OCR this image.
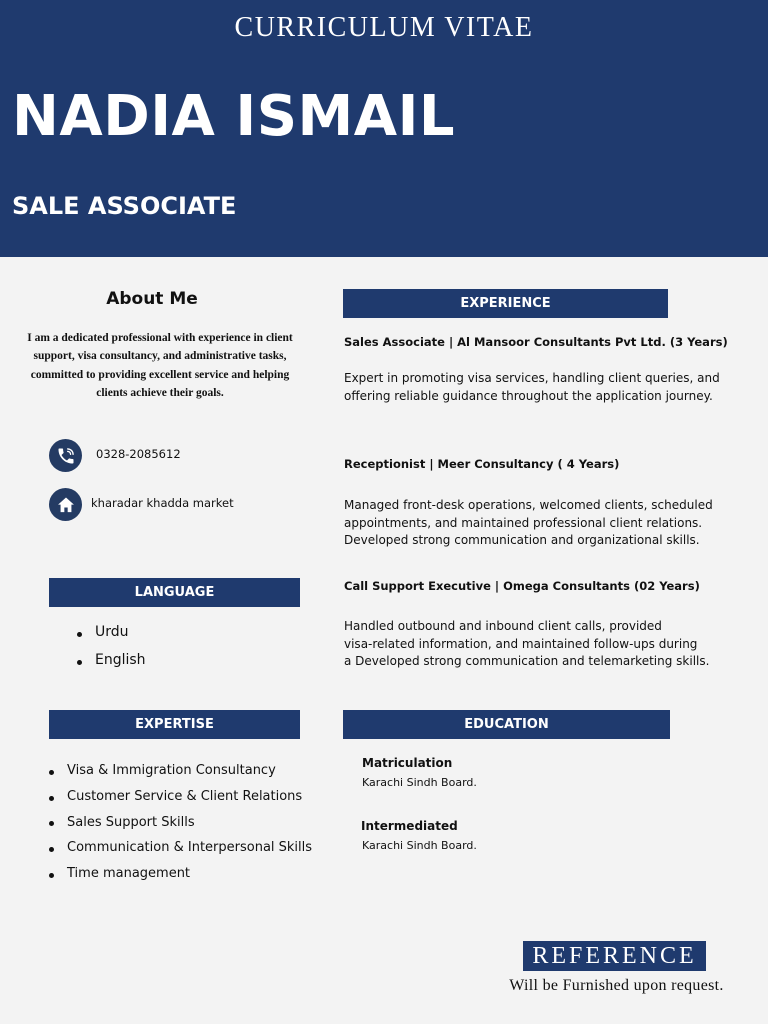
CURRICULUM VITAE
NADIA ISMAIL
SALE ASSOCIATE
About Me
I am a dedicated professional with experience in client support, visa consultancy, and administrative tasks, committed to providing excellent service and helping clients achieve their goals.
0328-2085612
kharadar khadda market
LANGUAGE
Urdu
English
EXPERTISE
Visa & Immigration Consultancy
Customer Service & Client Relations
Sales Support Skills
Communication & Interpersonal Skills
Time management
EXPERIENCE
Sales Associate | Al Mansoor Consultants Pvt Ltd. (3 Years)
Expert in promoting visa services, handling client queries, and
offering reliable guidance throughout the application journey.
Receptionist | Meer Consultancy ( 4 Years)
Managed front-desk operations, welcomed clients, scheduled
appointments, and maintained professional client relations.
Developed strong communication and organizational skills.
Call Support Executive | Omega Consultants (02 Years)
Handled outbound and inbound client calls, provided
visa-related information, and maintained follow-ups during
a Developed strong communication and telemarketing skills.
EDUCATION
Matriculation
Karachi Sindh Board.
Intermediated
Karachi Sindh Board.
REFERENCE
Will be Furnished upon request.
